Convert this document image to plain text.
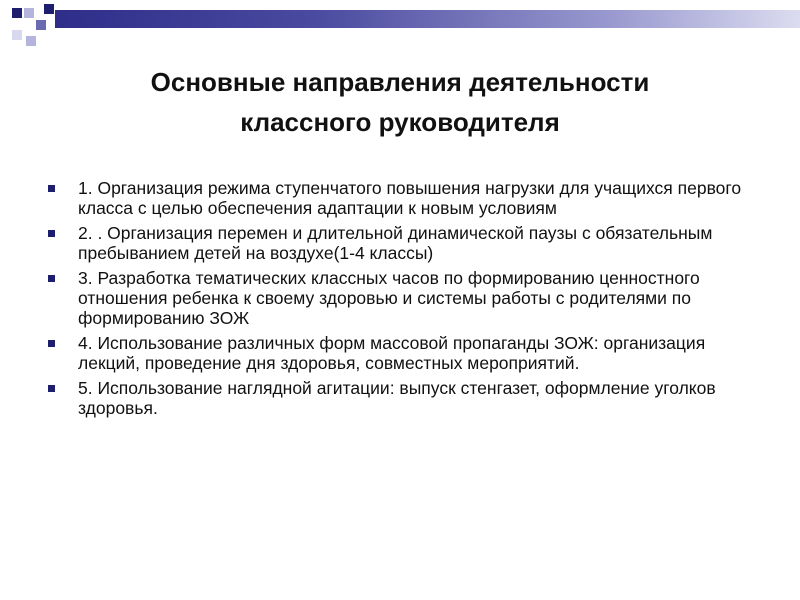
Основные направления деятельности
классного руководителя
1. Организация режима ступенчатого повышения нагрузки для учащихся первого класса с целью обеспечения адаптации к новым условиям
2. . Организация перемен и длительной динамической паузы с обязательным пребыванием детей на воздухе(1-4 классы)
3. Разработка тематических классных часов по формированию ценностного отношения ребенка к своему здоровью и системы работы с родителями по формированию ЗОЖ
4. Использование различных форм массовой пропаганды ЗОЖ: организация лекций, проведение дня здоровья, совместных мероприятий.
5. Использование наглядной агитации: выпуск стенгазет, оформление уголков здоровья.
